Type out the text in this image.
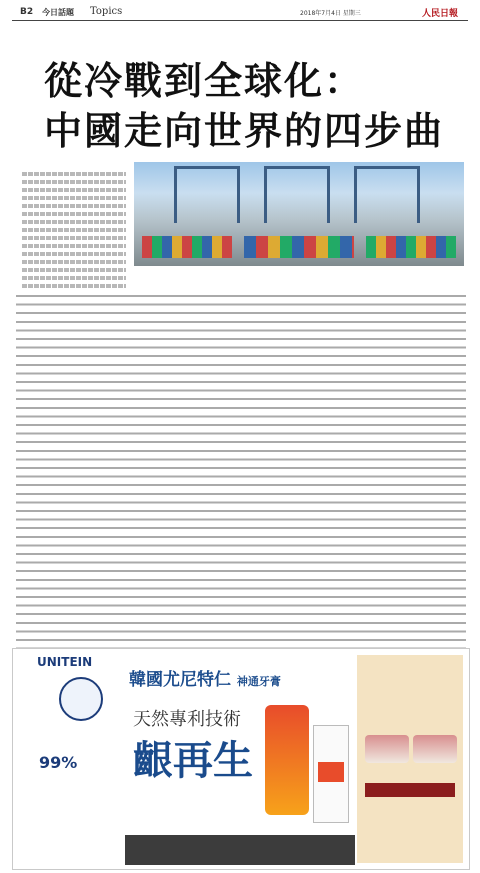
B2 今日話題 Topics	2018年7月4日 星期三	人民日報
從冷戰到全球化：
中國走向世界的四步曲
UNITEIN
99%
韓國尤尼特仁 神通牙膏
天然專利技術
齦再生
